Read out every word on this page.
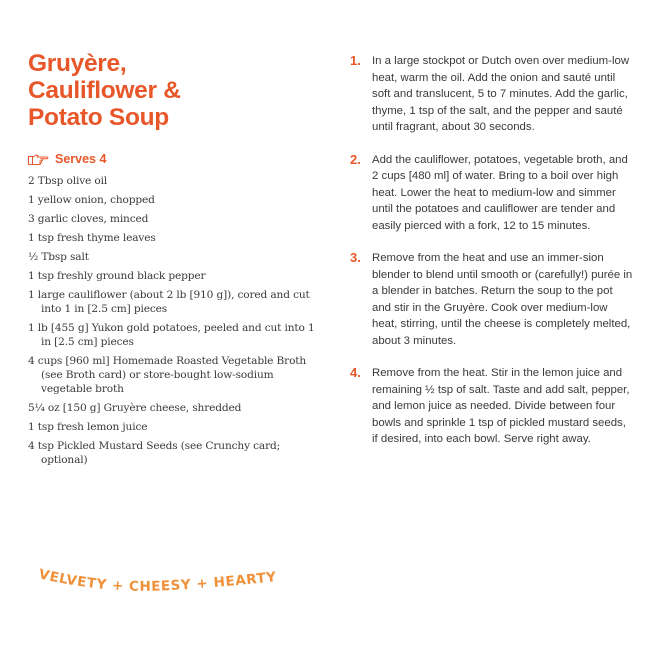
Gruyère,
Cauliflower &
Potato Soup
Serves 4
2 Tbsp olive oil
1 yellow onion, chopped
3 garlic cloves, minced
1 tsp fresh thyme leaves
½ Tbsp salt
1 tsp freshly ground black pepper
1 large cauliflower (about 2 lb [910 g]), cored and cut into 1 in [2.5 cm] pieces
1 lb [455 g] Yukon gold potatoes, peeled and cut into 1 in [2.5 cm] pieces
4 cups [960 ml] Homemade Roasted Vegetable Broth (see Broth card) or store-bought low-sodium vegetable broth
5¼ oz [150 g] Gruyère cheese, shredded
1 tsp fresh lemon juice
4 tsp Pickled Mustard Seeds (see Crunchy card; optional)
VELVETY + CHEESY + HEARTY
1. In a large stockpot or Dutch oven over medium-low heat, warm the oil. Add the onion and sauté until soft and translucent, 5 to 7 minutes. Add the garlic, thyme, 1 tsp of the salt, and the pepper and sauté until fragrant, about 30 seconds.
2. Add the cauliflower, potatoes, vegetable broth, and 2 cups [480 ml] of water. Bring to a boil over high heat. Lower the heat to medium-low and simmer until the potatoes and cauliflower are tender and easily pierced with a fork, 12 to 15 minutes.
3. Remove from the heat and use an immer-sion blender to blend until smooth or (carefully!) purée in a blender in batches. Return the soup to the pot and stir in the Gruyère. Cook over medium-low heat, stirring, until the cheese is completely melted, about 3 minutes.
4. Remove from the heat. Stir in the lemon juice and remaining ½ tsp of salt. Taste and add salt, pepper, and lemon juice as needed. Divide between four bowls and sprinkle 1 tsp of pickled mustard seeds, if desired, into each bowl. Serve right away.
